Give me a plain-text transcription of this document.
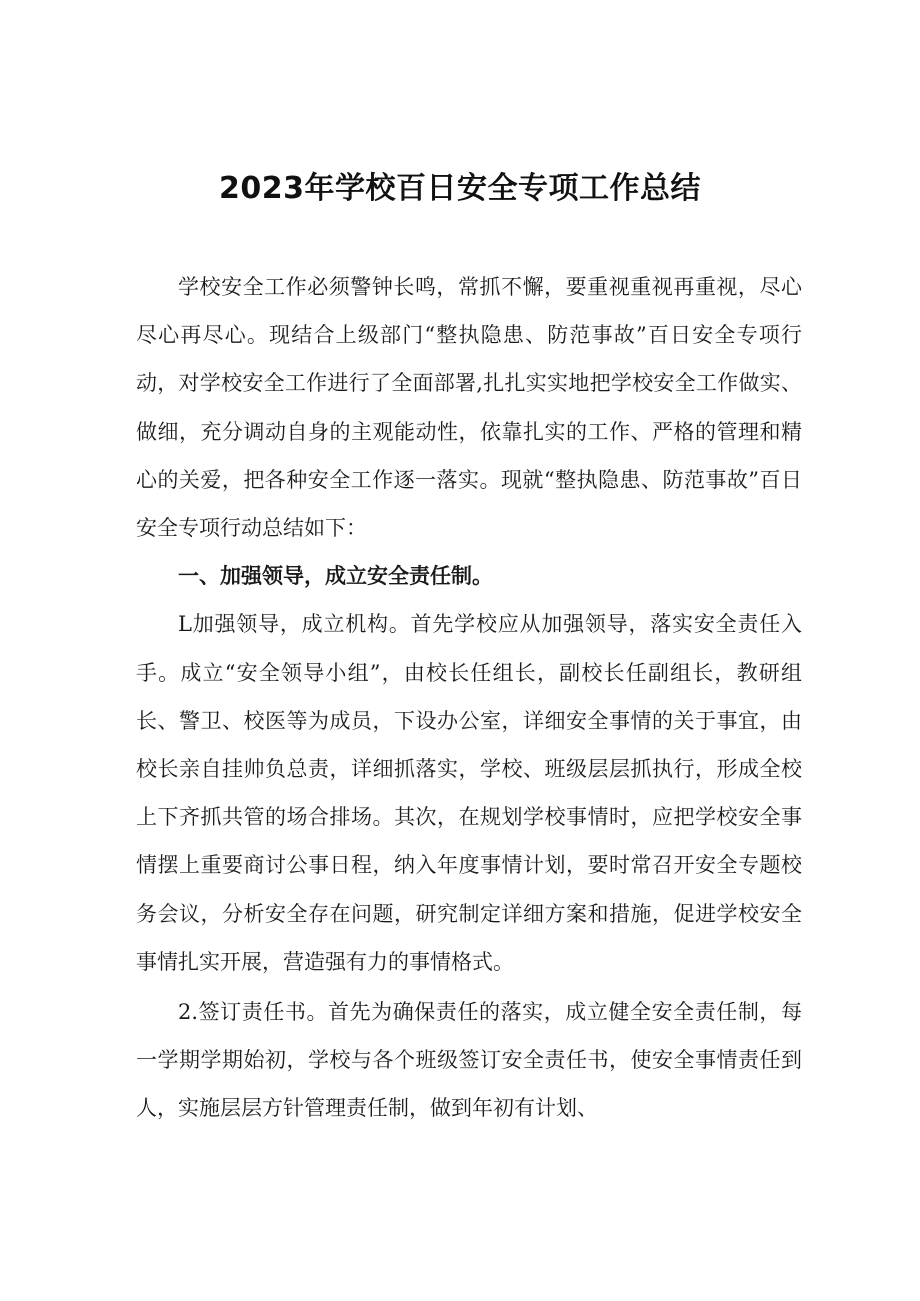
2023年学校百日安全专项工作总结

学校安全工作必须警钟长鸣，常抓不懈，要重视重视再重视，尽心尽心再尽心。现结合上级部门“整执隐患、防范事故”百日安全专项行动，对学校安全工作进行了全面部署,扎扎实实地把学校安全工作做实、做细，充分调动自身的主观能动性，依靠扎实的工作、严格的管理和精心的关爱，把各种安全工作逐一落实。现就“整执隐患、防范事故”百日安全专项行动总结如下：

一、加强领导，成立安全责任制。

L加强领导，成立机构。首先学校应从加强领导，落实安全责任入手。成立“安全领导小组”，由校长任组长，副校长任副组长，教研组长、警卫、校医等为成员，下设办公室，详细安全事情的关于事宜，由校长亲自挂帅负总责，详细抓落实，学校、班级层层抓执行，形成全校上下齐抓共管的场合排场。其次，在规划学校事情时，应把学校安全事情摆上重要商讨公事日程，纳入年度事情计划，要时常召开安全专题校务会议，分析安全存在问题，研究制定详细方案和措施，促进学校安全事情扎实开展，营造强有力的事情格式。

2.签订责任书。首先为确保责任的落实，成立健全安全责任制，每一学期学期始初，学校与各个班级签订安全责任书，使安全事情责任到人，实施层层方针管理责任制，做到年初有计划、
